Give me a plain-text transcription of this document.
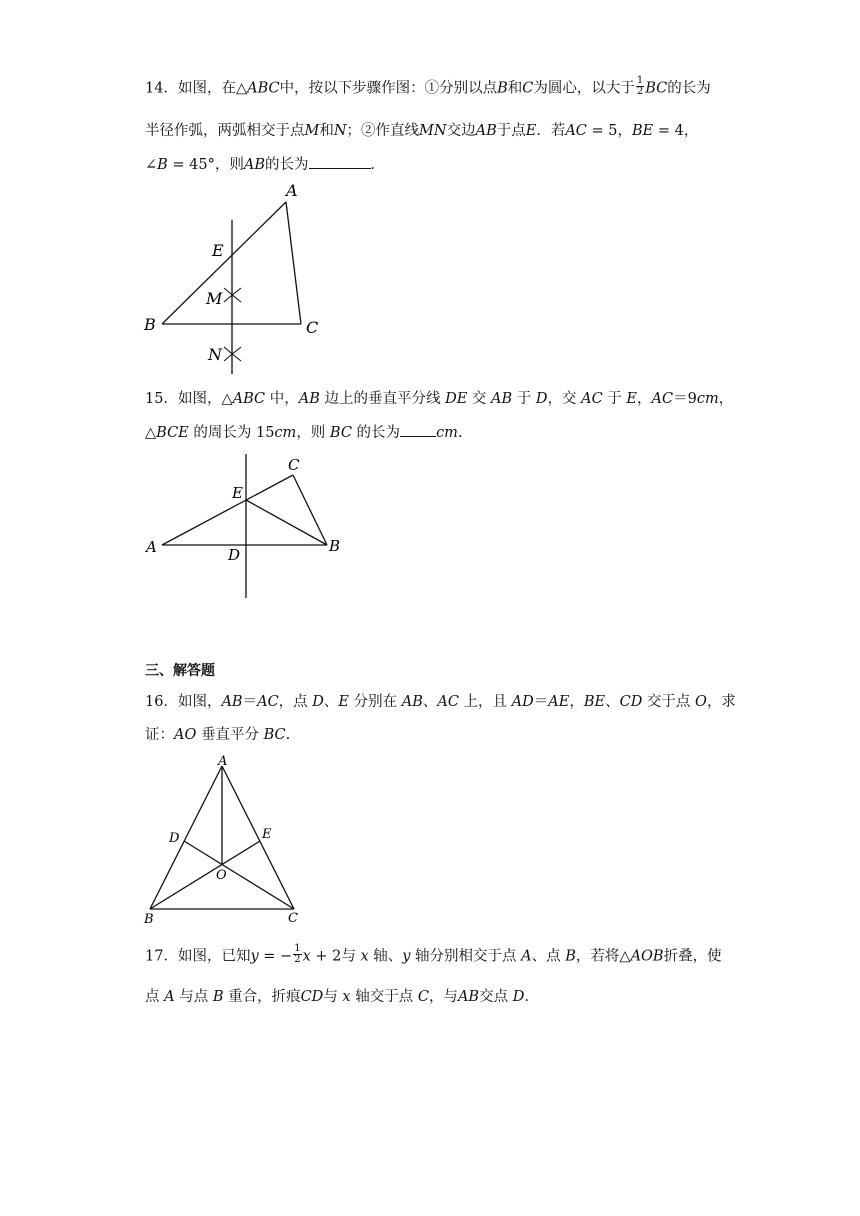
14．如图，在△ABC中，按以下步骤作图：①分别以点B和C为圆心，以大于 $\frac{1}{2}$ BC的长为
半径作弧，两弧相交于点M和N；②作直线MN交边AB于点E．若AC = 5，BE = 4，
∠B = 45°，则AB的长为	．
A
E
M
B	C
N
15．如图，△ABC 中，AB 边上的垂直平分线 DE 交 AB 于 D，交 AC 于 E，AC＝9cm，
△BCE 的周长为 15cm，则 BC 的长为 cm.
C
E
A	D	B
三、解答题
16．如图，AB＝AC，点 D、E 分别在 AB、AC 上，且 AD＝AE，BE、CD 交于点 O，求
证：AO 垂直平分 BC.
A
D	E
O
B	C
17．如图，已知y = − $\frac{1}{2}$ x + 2与 x 轴、y 轴分别相交于点 A、点 B，若将△AOB折叠，使
点 A 与点 B 重合，折痕CD与 x 轴交于点 C，与AB交点 D.
